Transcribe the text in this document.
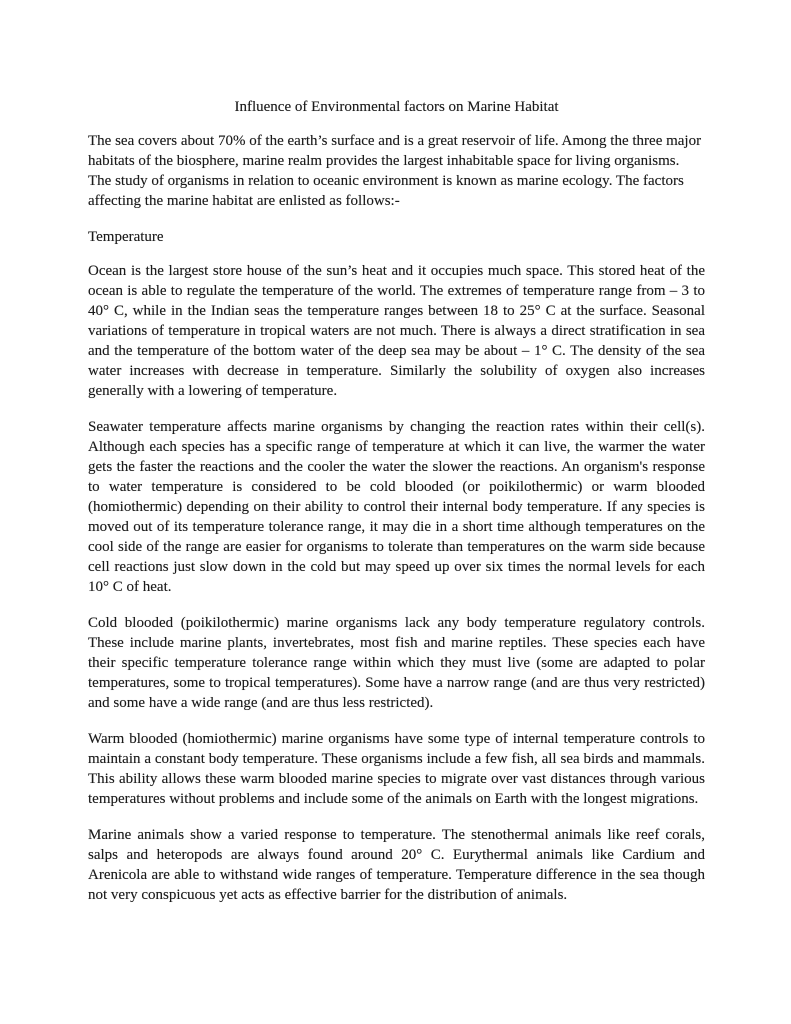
Influence of Environmental factors on Marine Habitat

The sea covers about 70% of the earth’s surface and is a great reservoir of life. Among the three major habitats of the biosphere, marine realm provides the largest inhabitable space for living organisms. The study of organisms in relation to oceanic environment is known as marine ecology. The factors affecting the marine habitat are enlisted as follows:-

Temperature

Ocean is the largest store house of the sun’s heat and it occupies much space. This stored heat of the ocean is able to regulate the temperature of the world. The extremes of temperature range from – 3 to 40° C, while in the Indian seas the temperature ranges between 18 to 25° C at the surface. Seasonal variations of temperature in tropical waters are not much. There is always a direct stratification in sea and the temperature of the bottom water of the deep sea may be about – 1° C. The density of the sea water increases with decrease in temperature. Similarly the solubility of oxygen also increases generally with a lowering of temperature.

Seawater temperature affects marine organisms by changing the reaction rates within their cell(s). Although each species has a specific range of temperature at which it can live, the warmer the water gets the faster the reactions and the cooler the water the slower the reactions. An organism's response to water temperature is considered to be cold blooded (or poikilothermic) or warm blooded (homiothermic) depending on their ability to control their internal body temperature. If any species is moved out of its temperature tolerance range, it may die in a short time although temperatures on the cool side of the range are easier for organisms to tolerate than temperatures on the warm side because cell reactions just slow down in the cold but may speed up over six times the normal levels for each 10° C of heat.

Cold blooded (poikilothermic) marine organisms lack any body temperature regulatory controls. These include marine plants, invertebrates, most fish and marine reptiles. These species each have their specific temperature tolerance range within which they must live (some are adapted to polar temperatures, some to tropical temperatures). Some have a narrow range (and are thus very restricted) and some have a wide range (and are thus less restricted).

Warm blooded (homiothermic) marine organisms have some type of internal temperature controls to maintain a constant body temperature. These organisms include a few fish, all sea birds and mammals. This ability allows these warm blooded marine species to migrate over vast distances through various temperatures without problems and include some of the animals on Earth with the longest migrations.

Marine animals show a varied response to temperature. The stenothermal animals like reef corals, salps and heteropods are always found around 20° C. Eurythermal animals like Cardium and Arenicola are able to withstand wide ranges of temperature. Temperature difference in the sea though not very conspicuous yet acts as effective barrier for the distribution of animals.
